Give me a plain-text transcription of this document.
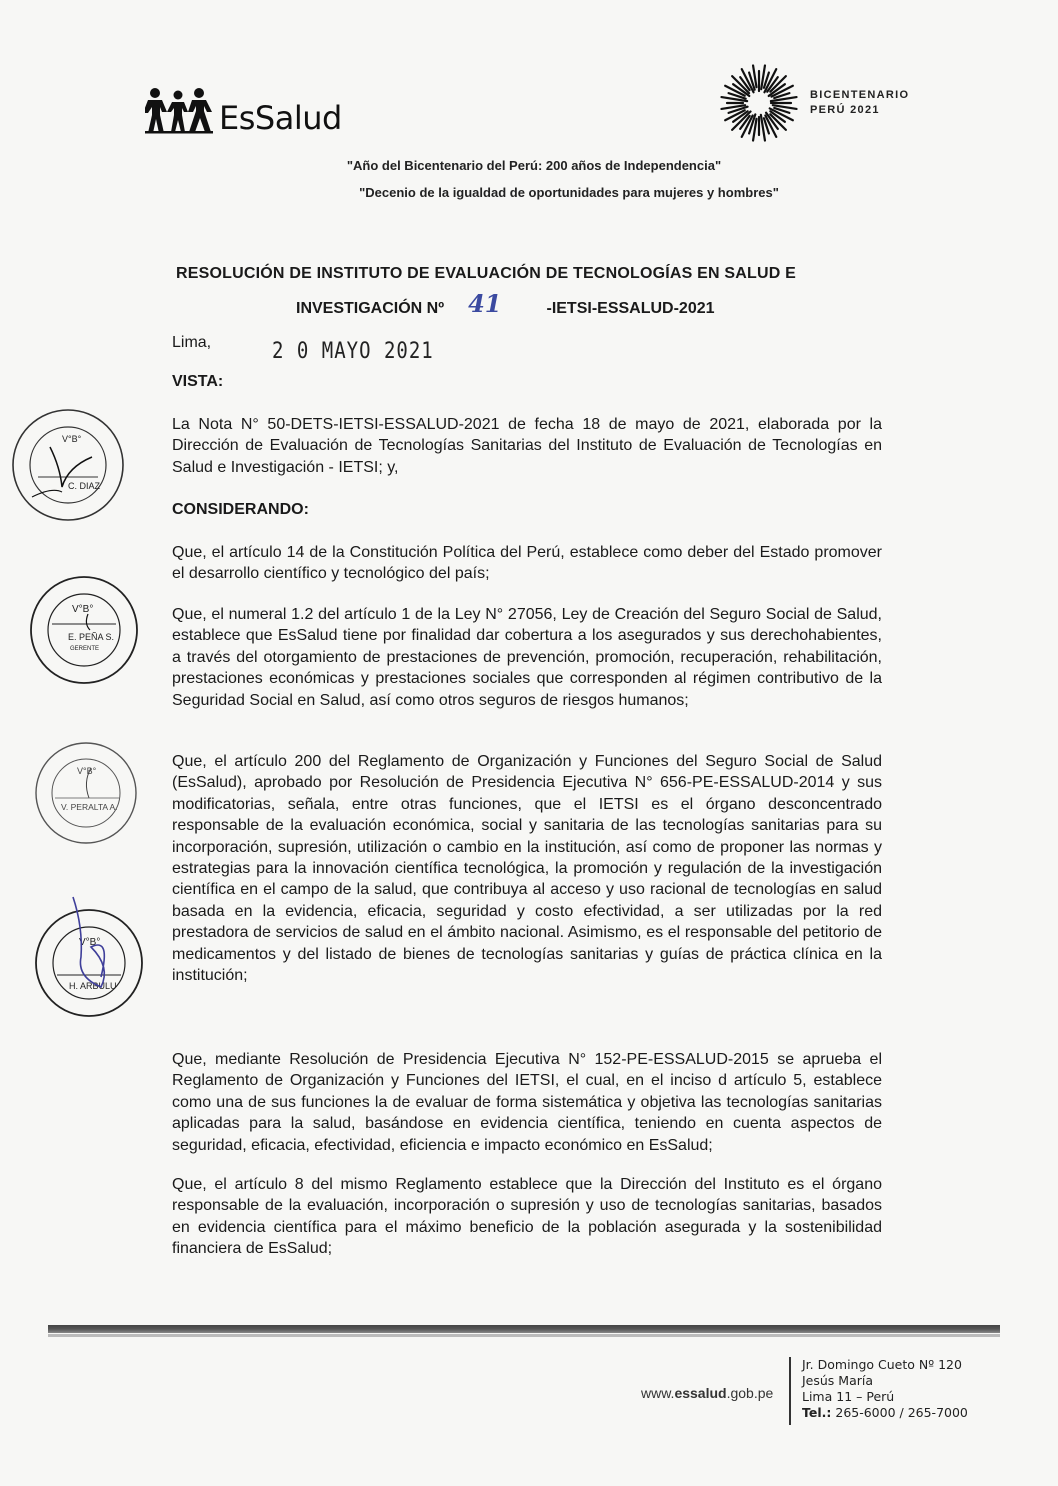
EsSalud
BICENTENARIO
PERÚ 2021
"Año del Bicentenario del Perú: 200 años de Independencia"
"Decenio de la igualdad de oportunidades para mujeres y hombres"
RESOLUCIÓN DE INSTITUTO DE EVALUACIÓN DE TECNOLOGÍAS EN SALUD E
INVESTIGACIÓN Nº 41	-IETSI-ESSALUD-2021
Lima,	2 0 MAYO 2021
VISTA:
La Nota N° 50-DETS-IETSI-ESSALUD-2021 de fecha 18 de mayo de 2021, elaborada por la Dirección de Evaluación de Tecnologías Sanitarias del Instituto de Evaluación de Tecnologías en Salud e Investigación - IETSI; y,
CONSIDERANDO:
Que, el artículo 14 de la Constitución Política del Perú, establece como deber del Estado promover el desarrollo científico y tecnológico del país;
Que, el numeral 1.2 del artículo 1 de la Ley N° 27056, Ley de Creación del Seguro Social de Salud, establece que EsSalud tiene por finalidad dar cobertura a los asegurados y sus derechohabientes, a través del otorgamiento de prestaciones de prevención, promoción, recuperación, rehabilitación, prestaciones económicas y prestaciones sociales que corresponden al régimen contributivo de la Seguridad Social en Salud, así como otros seguros de riesgos humanos;
Que, el artículo 200 del Reglamento de Organización y Funciones del Seguro Social de Salud (EsSalud), aprobado por Resolución de Presidencia Ejecutiva N° 656-PE-ESSALUD-2014 y sus modificatorias, señala, entre otras funciones, que el IETSI es el órgano desconcentrado responsable de la evaluación económica, social y sanitaria de las tecnologías sanitarias para su incorporación, supresión, utilización o cambio en la institución, así como de proponer las normas y estrategias para la innovación científica tecnológica, la promoción y regulación de la investigación científica en el campo de la salud, que contribuya al acceso y uso racional de tecnologías en salud basada en la evidencia, eficacia, seguridad y costo efectividad, a ser utilizadas por la red prestadora de servicios de salud en el ámbito nacional. Asimismo, es el responsable del petitorio de medicamentos y del listado de bienes de tecnologías sanitarias y guías de práctica clínica en la institución;
Que, mediante Resolución de Presidencia Ejecutiva N° 152-PE-ESSALUD-2015 se aprueba el Reglamento de Organización y Funciones del IETSI, el cual, en el inciso d artículo 5, establece como una de sus funciones la de evaluar de forma sistemática y objetiva las tecnologías sanitarias aplicadas para la salud, basándose en evidencia científica, teniendo en cuenta aspectos de seguridad, eficacia, efectividad, eficiencia e impacto económico en EsSalud;
Que, el artículo 8 del mismo Reglamento establece que la Dirección del Instituto es el órgano responsable de la evaluación, incorporación o supresión y uso de tecnologías sanitarias, basados en evidencia científica para el máximo beneficio de la población asegurada y la sostenibilidad financiera de EsSalud;
V°B°
C. DIAZ
V°B°
E. PEÑA S.
GERENTE
V°B°
V. PERALTA A.
V°B°
H. ARBULU
www.essalud.gob.pe
Jr. Domingo Cueto Nº 120
Jesús María
Lima 11 – Perú
Tel.: 265-6000 / 265-7000
